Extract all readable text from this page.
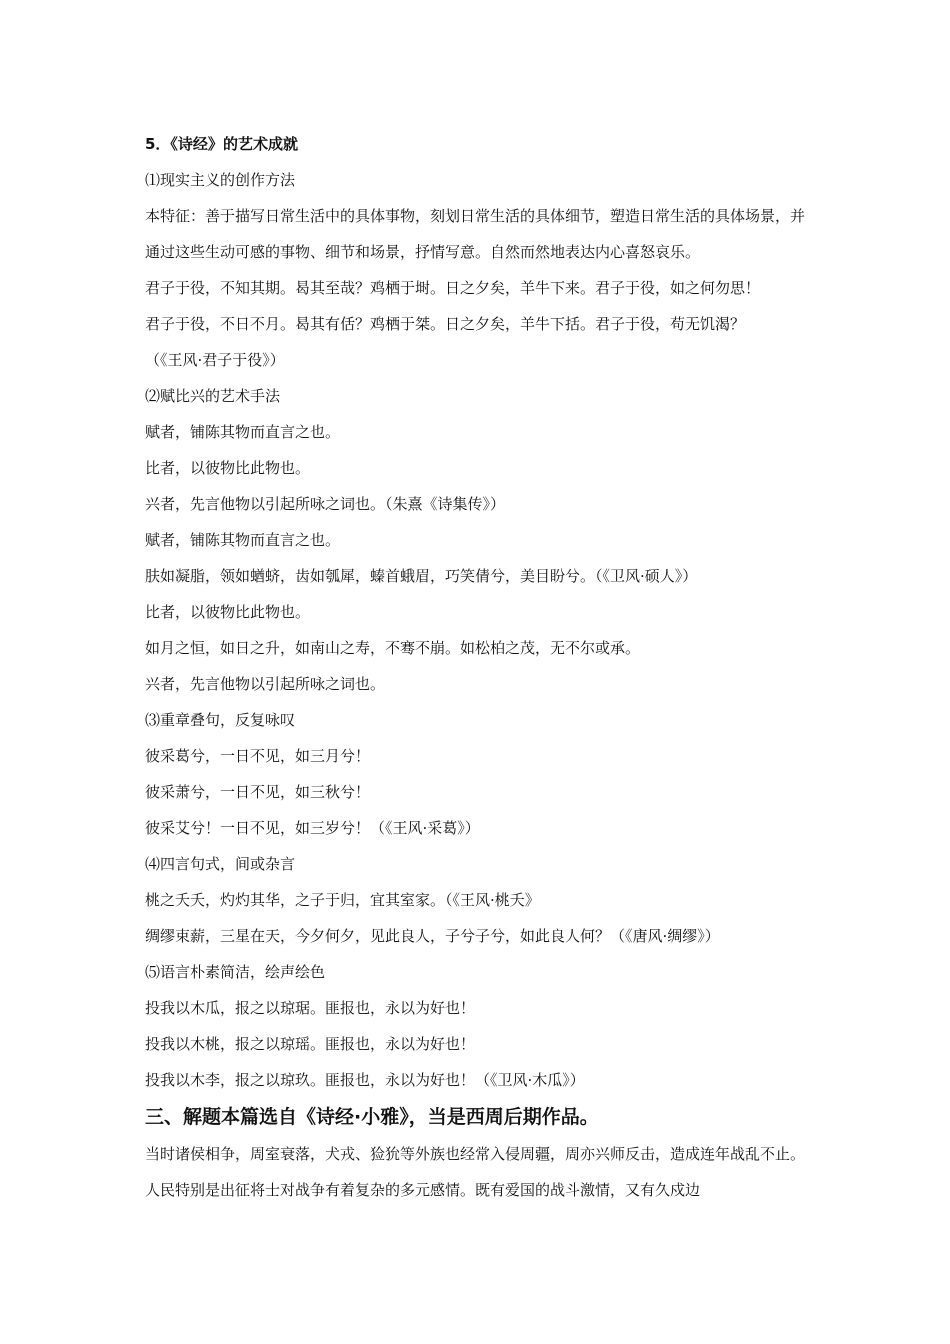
5．《诗经》的艺术成就
⑴现实主义的创作方法
本特征：善于描写日常生活中的具体事物，刻划日常生活的具体细节，塑造日常生活的具体场景，并通过这些生动可感的事物、细节和场景，抒情写意。自然而然地表达内心喜怒哀乐。
君子于役，不知其期。曷其至哉？鸡栖于埘。日之夕矣，羊牛下来。君子于役，如之何勿思！
君子于役，不日不月。曷其有佸？鸡栖于桀。日之夕矣，羊牛下括。君子于役，苟无饥渴？
（《王风·君子于役》）
⑵赋比兴的艺术手法
赋者，铺陈其物而直言之也。
比者，以彼物比此物也。
兴者，先言他物以引起所咏之词也。（朱熹《诗集传》）
赋者，铺陈其物而直言之也。
肤如凝脂，领如蝤蛴，齿如瓠犀，螓首蛾眉，巧笑倩兮，美目盼兮。（《卫风·硕人》）
比者，以彼物比此物也。
如月之恒，如日之升，如南山之寿，不骞不崩。如松柏之茂，无不尔或承。
兴者，先言他物以引起所咏之词也。
⑶重章叠句，反复咏叹
彼采葛兮，一日不见，如三月兮！
彼采萧兮，一日不见，如三秋兮！
彼采艾兮！一日不见，如三岁兮！（《王风·采葛》）
⑷四言句式，间或杂言
桃之夭夭，灼灼其华，之子于归，宜其室家。（《王风·桃夭》
绸缪束薪，三星在天，今夕何夕，见此良人，子兮子兮，如此良人何？（《唐风·绸缪》）
⑸语言朴素简洁，绘声绘色
投我以木瓜，报之以琼琚。匪报也，永以为好也！
投我以木桃，报之以琼瑶。匪报也，永以为好也！
投我以木李，报之以琼玖。匪报也，永以为好也！（《卫风·木瓜》）
三、解题本篇选自《诗经·小雅》，当是西周后期作品。
当时诸侯相争，周室衰落，犬戎、猃狁等外族也经常入侵周疆，周亦兴师反击，造成连年战乱不止。人民特别是出征将士对战争有着复杂的多元感情。既有爱国的战斗激情，又有久戍边
